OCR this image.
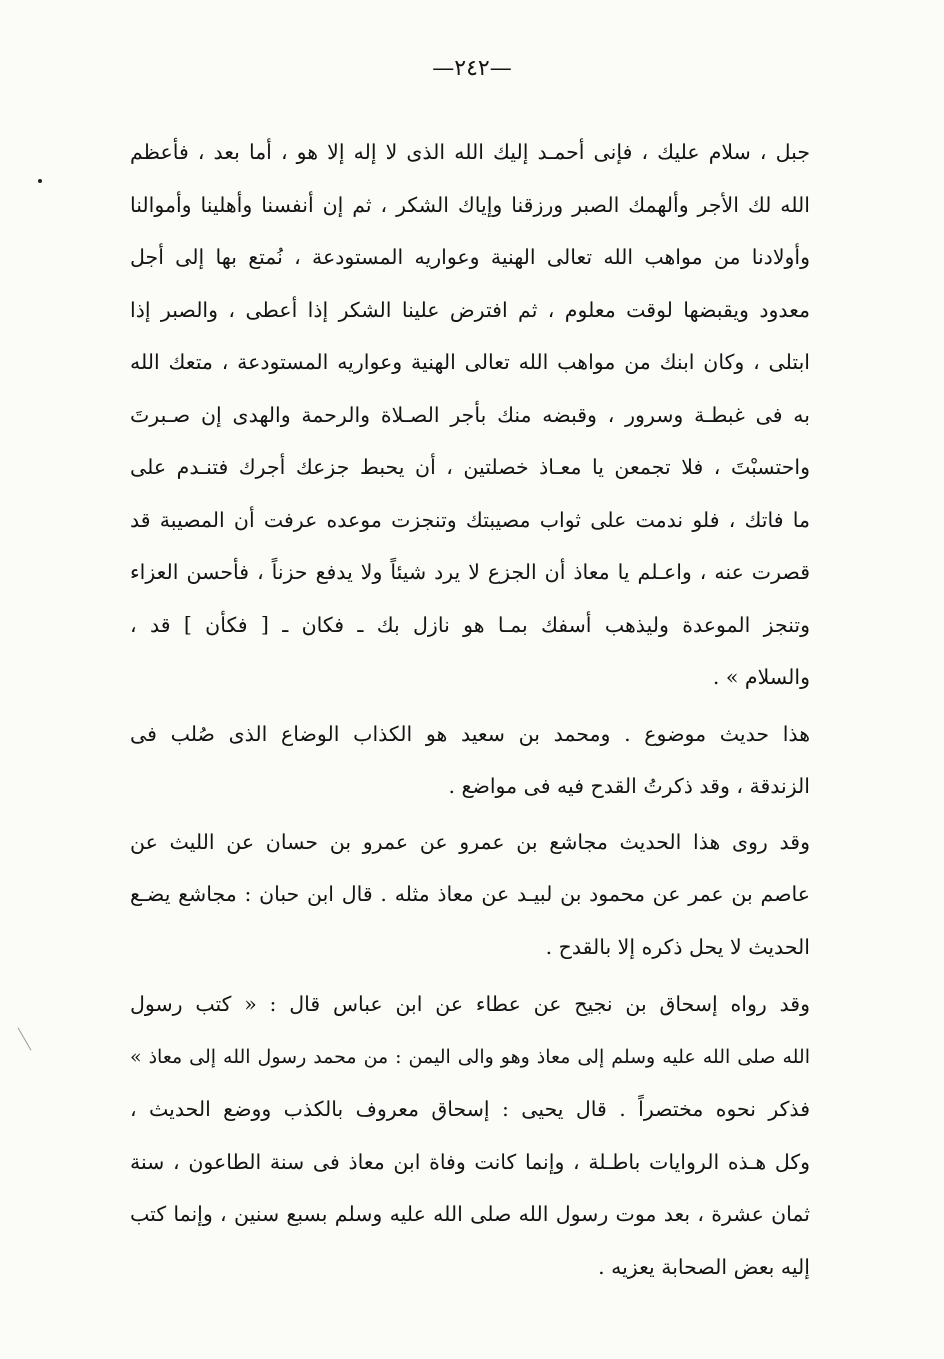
—٢٤٢—
جبل ، سلام عليك ، فإنى أحمـد إليك الله الذى لا إله إلا هو ، أما بعد ، فأعظم
الله لك الأجر وألهمك الصبر ورزقنا وإياك الشكر ، ثم إن أنفسنا وأهلينا وأموالنا
وأولادنا من مواهب الله تعالى الهنية وعواريه المستودعة ، نُمتع بها إلى أجل
معدود ويقبضها لوقت معلوم ، ثم افترض علينا الشكر إذا أعطى ، والصبر إذا
ابتلى ، وكان ابنك من مواهب الله تعالى الهنية وعواريه المستودعة ، متعك الله
به فى غبطـة وسرور ، وقبضه منك بأجر الصـلاة والرحمة والهدى إن صـبرتَ
واحتسبْتَ ، فلا تجمعن يا معـاذ خصلتين ، أن يحبط جزعك أجرك فتنـدم على
ما فاتك ، فلو ندمت على ثواب مصيبتك وتنجزت موعده عرفت أن المصيبة قد
قصرت عنه ، واعـلم يا معاذ أن الجزع لا يرد شيئاً ولا يدفع حزناً ، فأحسن العزاء
وتنجز الموعدة وليذهب أسفك بمـا هو نازل بك ـ فكان ـ [ فكأن ] قد ،
والسلام » .
هذا حديث موضوع . ومحمد بن سعيد هو الكذاب الوضاع الذى صُلب فى
الزندقة ، وقد ذكرتُ القدح فيه فى مواضع .
وقد روى هذا الحديث مجاشع بن عمرو عن عمرو بن حسان عن الليث عن
عاصم بن عمر عن محمود بن لبيـد عن معاذ مثله . قال ابن حبان : مجاشع يضـع
الحديث لا يحل ذكره إلا بالقدح .
وقد رواه إسحاق بن نجيح عن عطاء عن ابن عباس قال : « كتب رسول
الله صلى الله عليه وسلم إلى معاذ وهو والى اليمن : من محمد رسول الله إلى معاذ »
فذكر نحوه مختصراً . قال يحيى : إسحاق معروف بالكذب ووضع الحديث ،
وكل هـذه الروايات باطـلة ، وإنما كانت وفاة ابن معاذ فى سنة الطاعون ، سنة
ثمان عشرة ، بعد موت رسول الله صلى الله عليه وسلم بسبع سنين ، وإنما كتب
إليه بعض الصحابة يعزيه .
